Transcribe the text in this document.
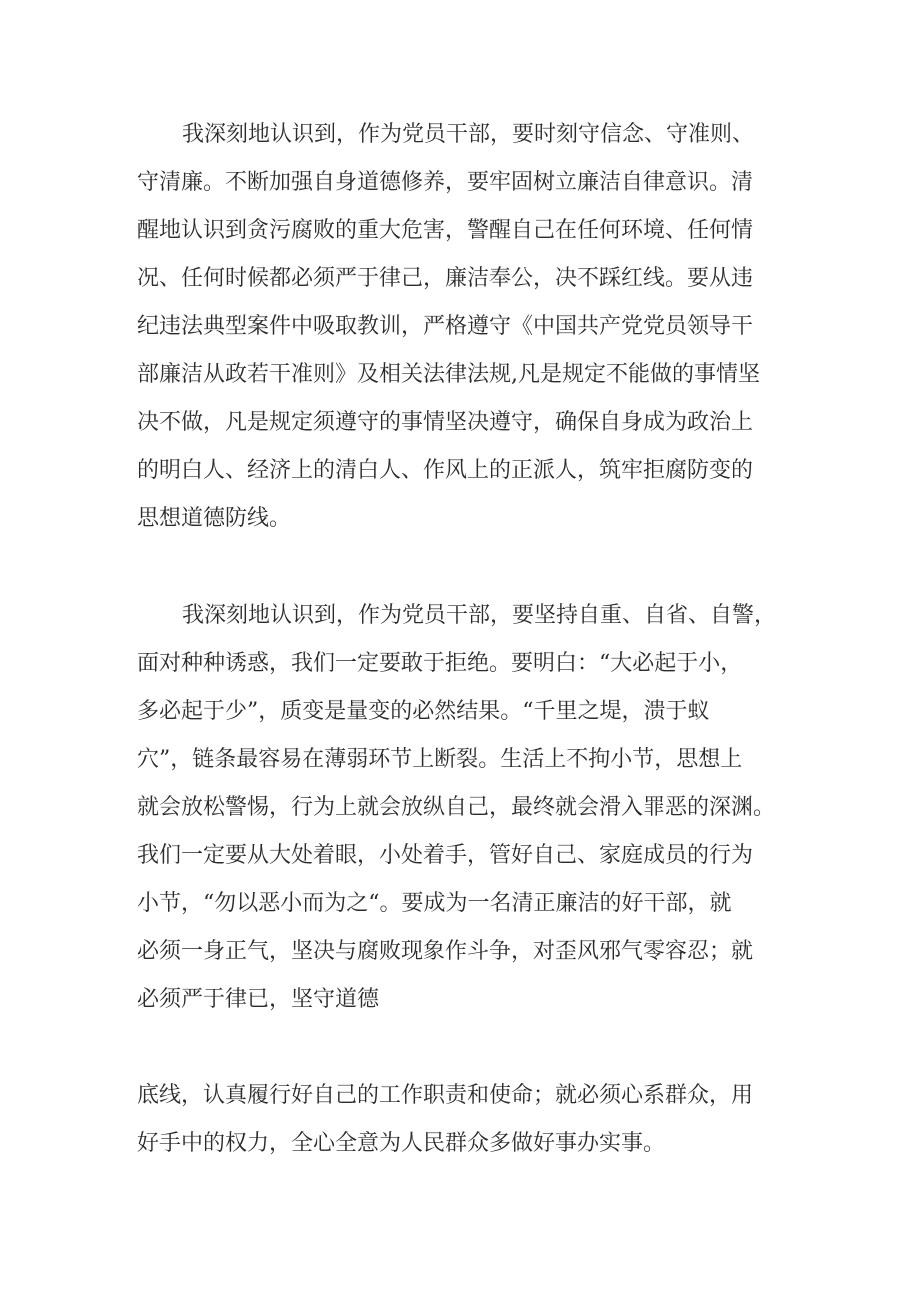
我深刻地认识到，作为党员干部，要时刻守信念、守准则、
守清廉。不断加强自身道德修养，要牢固树立廉洁自律意识。清
醒地认识到贪污腐败的重大危害，警醒自己在任何环境、任何情
况、任何时候都必须严于律己，廉洁奉公，决不踩红线。要从违
纪违法典型案件中吸取教训，严格遵守《中国共产党党员领导干
部廉洁从政若干准则》及相关法律法规,凡是规定不能做的事情坚
决不做，凡是规定须遵守的事情坚决遵守，确保自身成为政治上
的明白人、经济上的清白人、作风上的正派人，筑牢拒腐防变的
思想道德防线。
我深刻地认识到，作为党员干部，要坚持自重、自省、自警，
面对种种诱惑，我们一定要敢于拒绝。要明白：“大必起于小，
多必起于少”，质变是量变的必然结果。“千里之堤，溃于蚁
穴”，链条最容易在薄弱环节上断裂。生活上不拘小节，思想上
就会放松警惕，行为上就会放纵自己，最终就会滑入罪恶的深渊。
我们一定要从大处着眼，小处着手，管好自己、家庭成员的行为
小节，“勿以恶小而为之“。要成为一名清正廉洁的好干部，就
必须一身正气，坚决与腐败现象作斗争，对歪风邪气零容忍；就
必须严于律已，坚守道德
底线，认真履行好自己的工作职责和使命；就必须心系群众，用
好手中的权力，全心全意为人民群众多做好事办实事。
